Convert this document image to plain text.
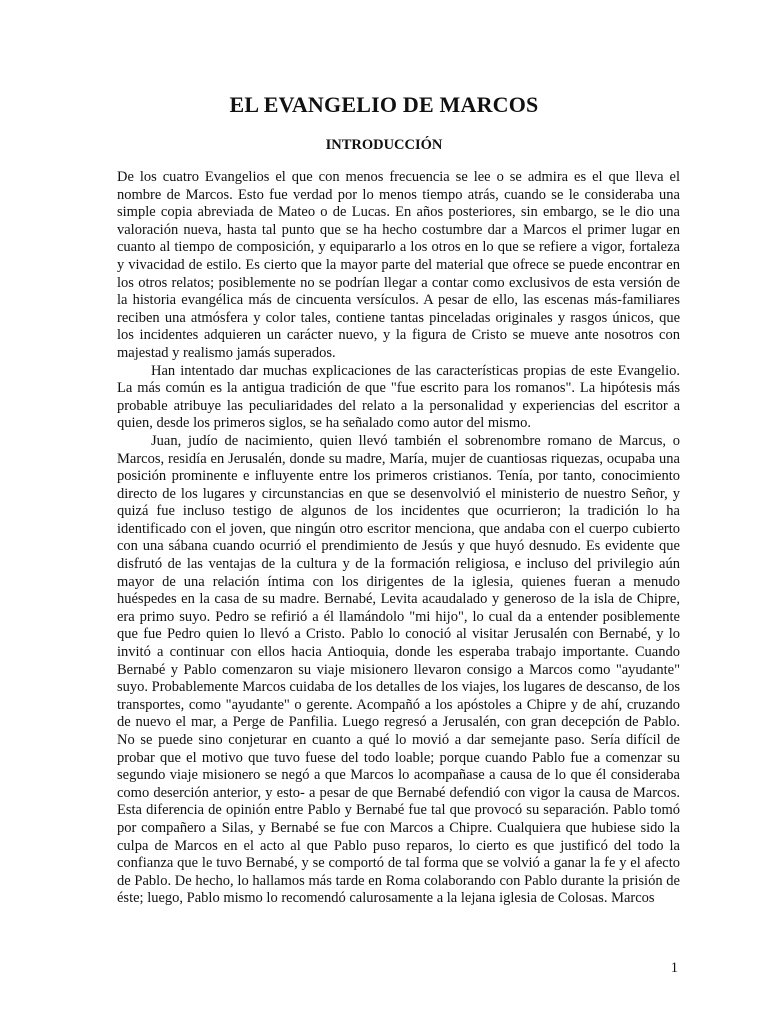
EL EVANGELIO DE MARCOS
INTRODUCCIÓN

De los cuatro Evangelios el que con menos frecuencia se lee o se admira es el que lleva el nombre de Marcos. Esto fue verdad por lo menos tiempo atrás, cuando se le consideraba una simple copia abreviada de Mateo o de Lucas. En años posteriores, sin embargo, se le dio una valoración nueva, hasta tal punto que se ha hecho costumbre dar a Marcos el primer lugar en cuanto al tiempo de composición, y equipararlo a los otros en lo que se refiere a vigor, fortaleza y vivacidad de estilo. Es cierto que la mayor parte del material que ofrece se puede encontrar en los otros relatos; posiblemente no se podrían llegar a contar como exclusivos de esta versión de la historia evangélica más de cincuenta versículos. A pesar de ello, las escenas más-familiares reciben una atmósfera y color tales, contiene tantas pinceladas originales y rasgos únicos, que los incidentes adquieren un carácter nuevo, y la figura de Cristo se mueve ante nosotros con majestad y realismo jamás superados.

Han intentado dar muchas explicaciones de las características propias de este Evangelio. La más común es la antigua tradición de que "fue escrito para los romanos". La hipótesis más probable atribuye las peculiaridades del relato a la personalidad y experiencias del escritor a quien, desde los primeros siglos, se ha señalado como autor del mismo.

Juan, judío de nacimiento, quien llevó también el sobrenombre romano de Marcus, o Marcos, residía en Jerusalén, donde su madre, María, mujer de cuantiosas riquezas, ocupaba una posición prominente e influyente entre los primeros cristianos. Tenía, por tanto, conocimiento directo de los lugares y circunstancias en que se desenvolvió el ministerio de nuestro Señor, y quizá fue incluso testigo de algunos de los incidentes que ocurrieron; la tradición lo ha identificado con el joven, que ningún otro escritor menciona, que andaba con el cuerpo cubierto con una sábana cuando ocurrió el prendimiento de Jesús y que huyó desnudo. Es evidente que disfrutó de las ventajas de la cultura y de la formación religiosa, e incluso del privilegio aún mayor de una relación íntima con los dirigentes de la iglesia, quienes fueran a menudo huéspedes en la casa de su madre. Bernabé, Levita acaudalado y generoso de la isla de Chipre, era primo suyo. Pedro se refirió a él llamándolo "mi hijo", lo cual da a entender posiblemente que fue Pedro quien lo llevó a Cristo. Pablo lo conoció al visitar Jerusalén con Bernabé, y lo invitó a continuar con ellos hacia Antioquia, donde les esperaba trabajo importante. Cuando Bernabé y Pablo comenzaron su viaje misionero llevaron consigo a Marcos como "ayudante" suyo. Probablemente Marcos cuidaba de los detalles de los viajes, los lugares de descanso, de los transportes, como "ayudante" o gerente. Acompañó a los apóstoles a Chipre y de ahí, cruzando de nuevo el mar, a Perge de Panfilia. Luego regresó a Jerusalén, con gran decepción de Pablo. No se puede sino conjeturar en cuanto a qué lo movió a dar semejante paso. Sería difícil de probar que el motivo que tuvo fuese del todo loable; porque cuando Pablo fue a comenzar su segundo viaje misionero se negó a que Marcos lo acompañase a causa de lo que él consideraba como deserción anterior, y esto- a pesar de que Bernabé defendió con vigor la causa de Marcos. Esta diferencia de opinión entre Pablo y Bernabé fue tal que provocó su separación. Pablo tomó por compañero a Silas, y Bernabé se fue con Marcos a Chipre. Cualquiera que hubiese sido la culpa de Marcos en el acto al que Pablo puso reparos, lo cierto es que justificó del todo la confianza que le tuvo Bernabé, y se comportó de tal forma que se volvió a ganar la fe y el afecto de Pablo. De hecho, lo hallamos más tarde en Roma colaborando con Pablo durante la prisión de éste; luego, Pablo mismo lo recomendó calurosamente a la lejana iglesia de Colosas. Marcos

1
